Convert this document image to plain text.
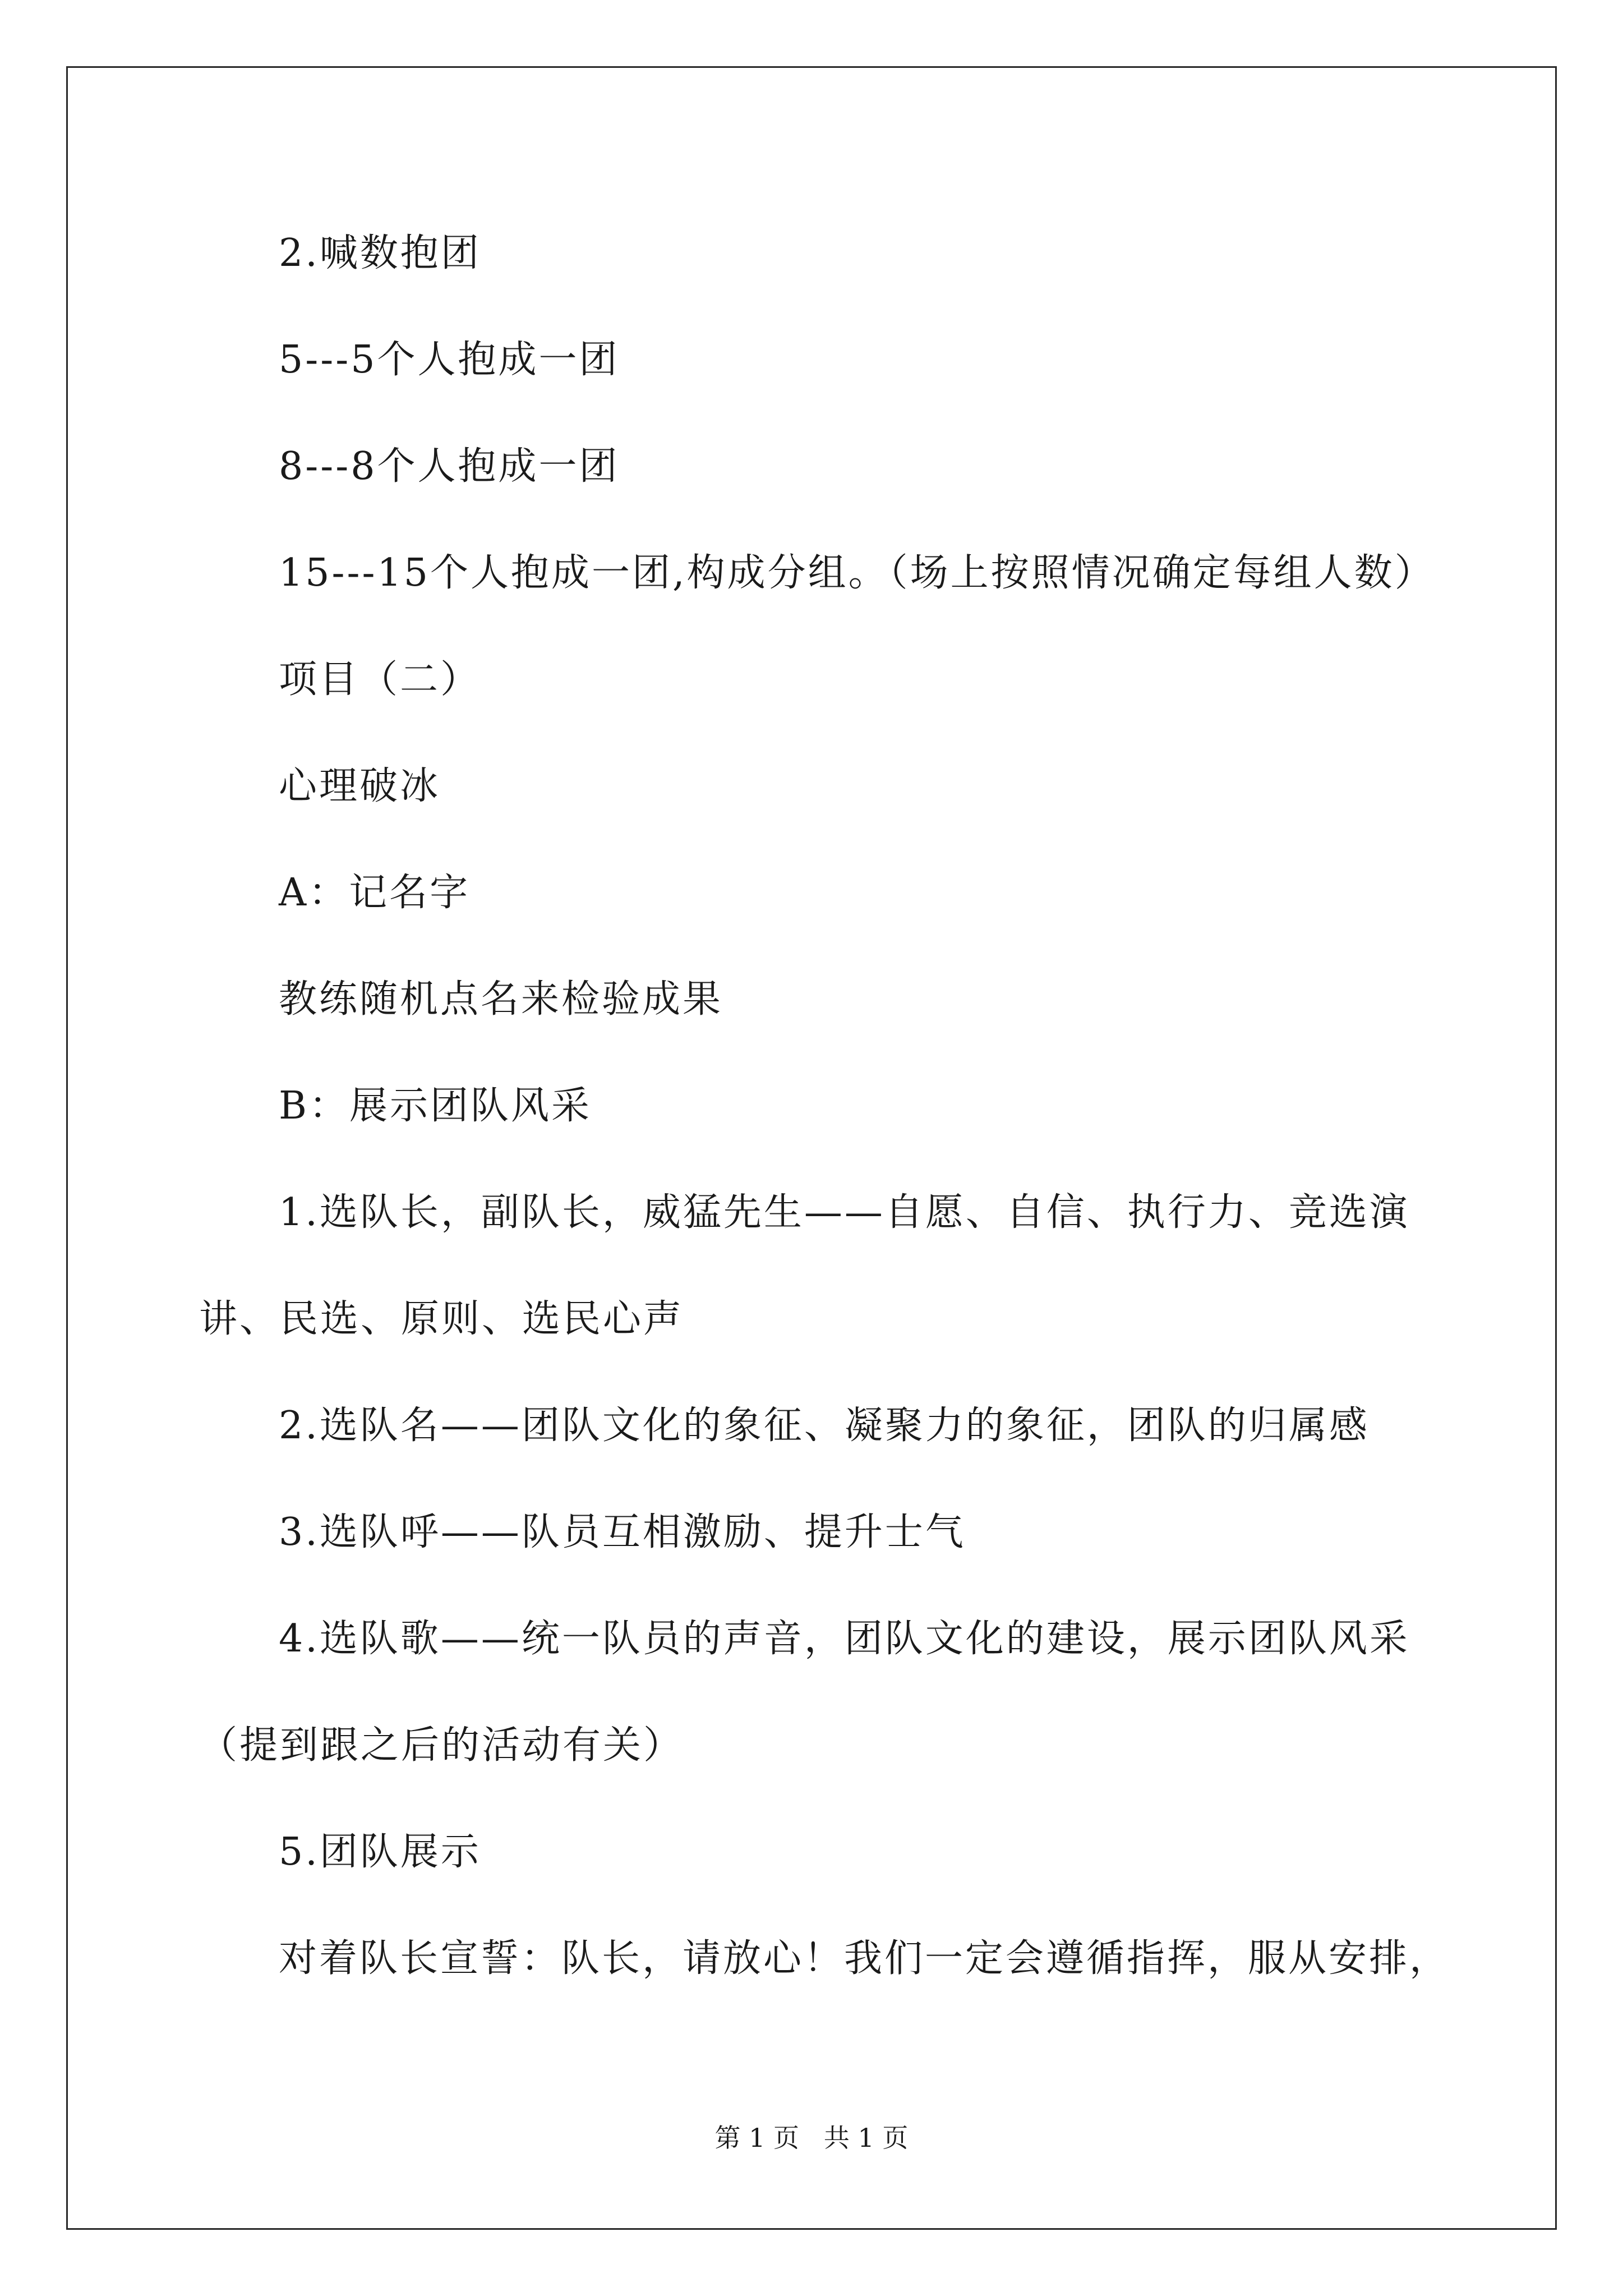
2.喊数抱团
5---5个人抱成一团
8---8个人抱成一团
15---15个人抱成一团,构成分组。（场上按照情况确定每组人数）
项目（二）
心理破冰
A：记名字
教练随机点名来检验成果
B：展示团队风采
1.选队长，副队长，威猛先生——自愿、自信、执行力、竞选演
讲、民选、原则、选民心声
2.选队名——团队文化的象征、凝聚力的象征，团队的归属感
3.选队呼——队员互相激励、提升士气
4.选队歌——统一队员的声音，团队文化的建设，展示团队风采
（提到跟之后的活动有关）
5.团队展示
对着队长宣誓：队长，请放心！我们一定会遵循指挥，服从安排，
第 1 页   共 1 页
